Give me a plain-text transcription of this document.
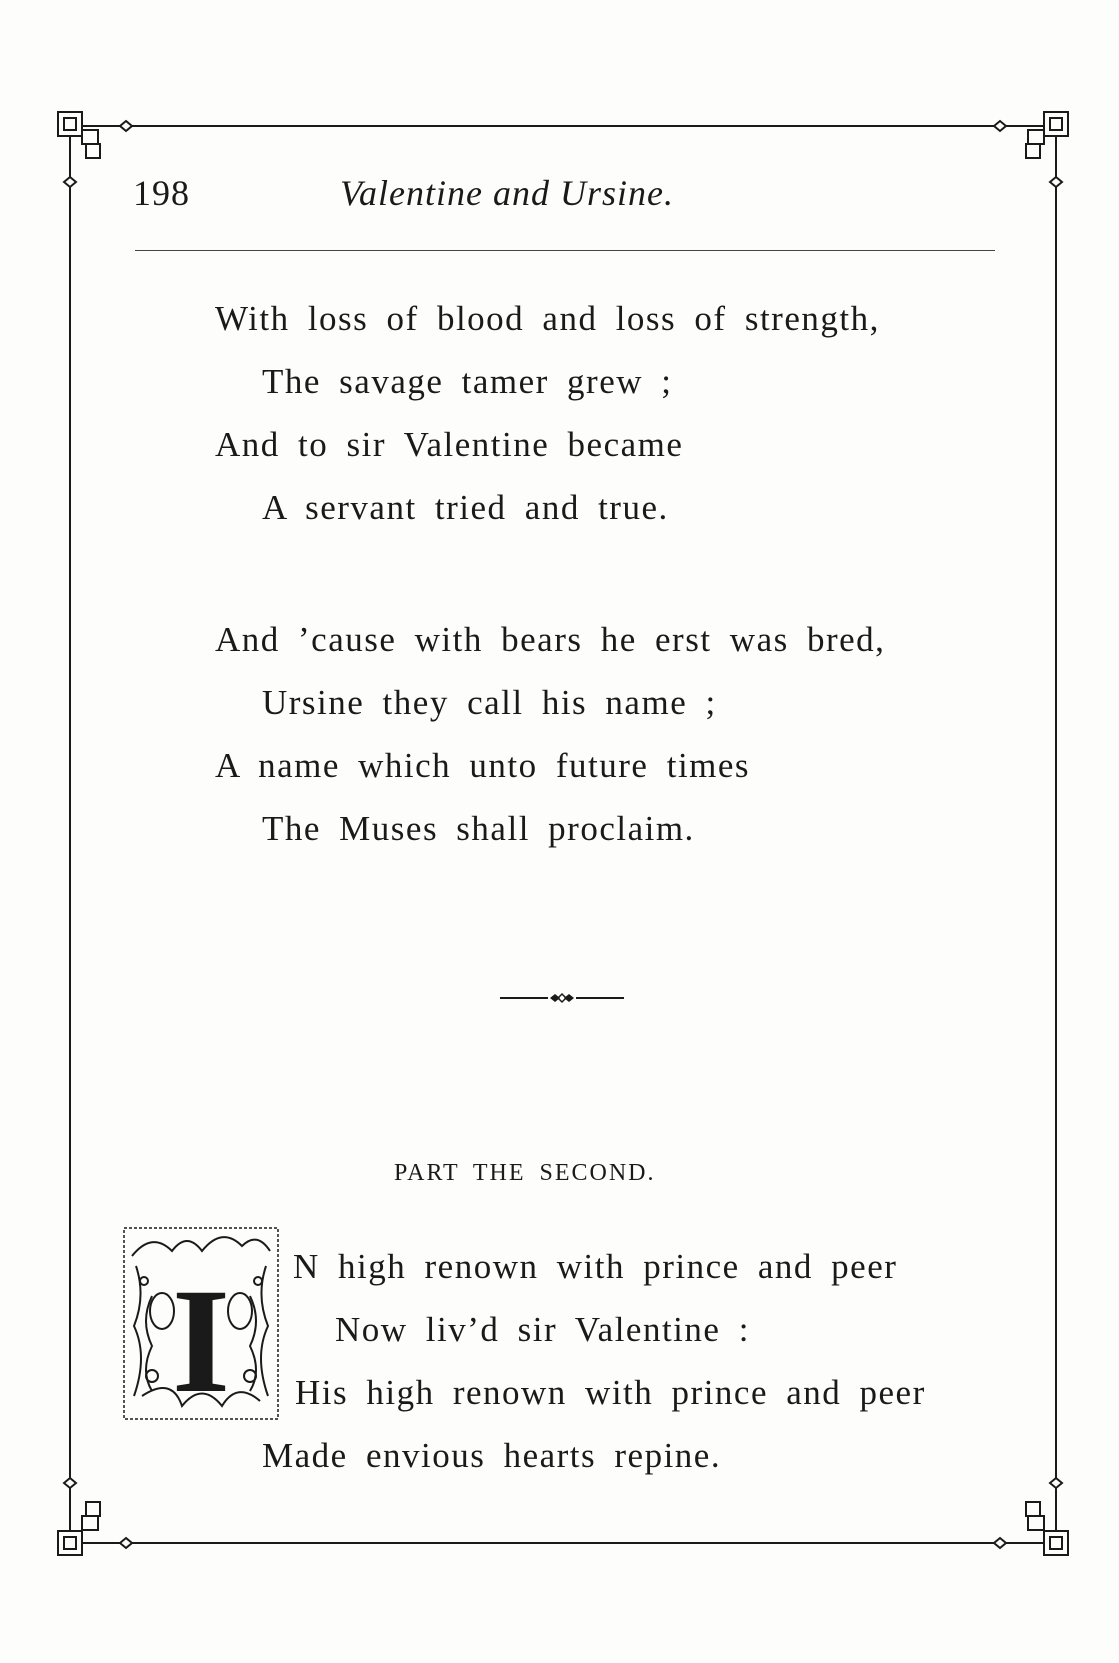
198	Valentine and Ursine.
With loss of blood and loss of strength,
The savage tamer grew ;
And to sir Valentine became
A servant tried and true.
And ’cause with bears he erst was bred,
Ursine they call his name ;
A name which unto future times
The Muses shall proclaim.
PART THE SECOND.
I N high renown with prince and peer
Now liv’d sir Valentine :
His high renown with prince and peer
Made envious hearts repine.
